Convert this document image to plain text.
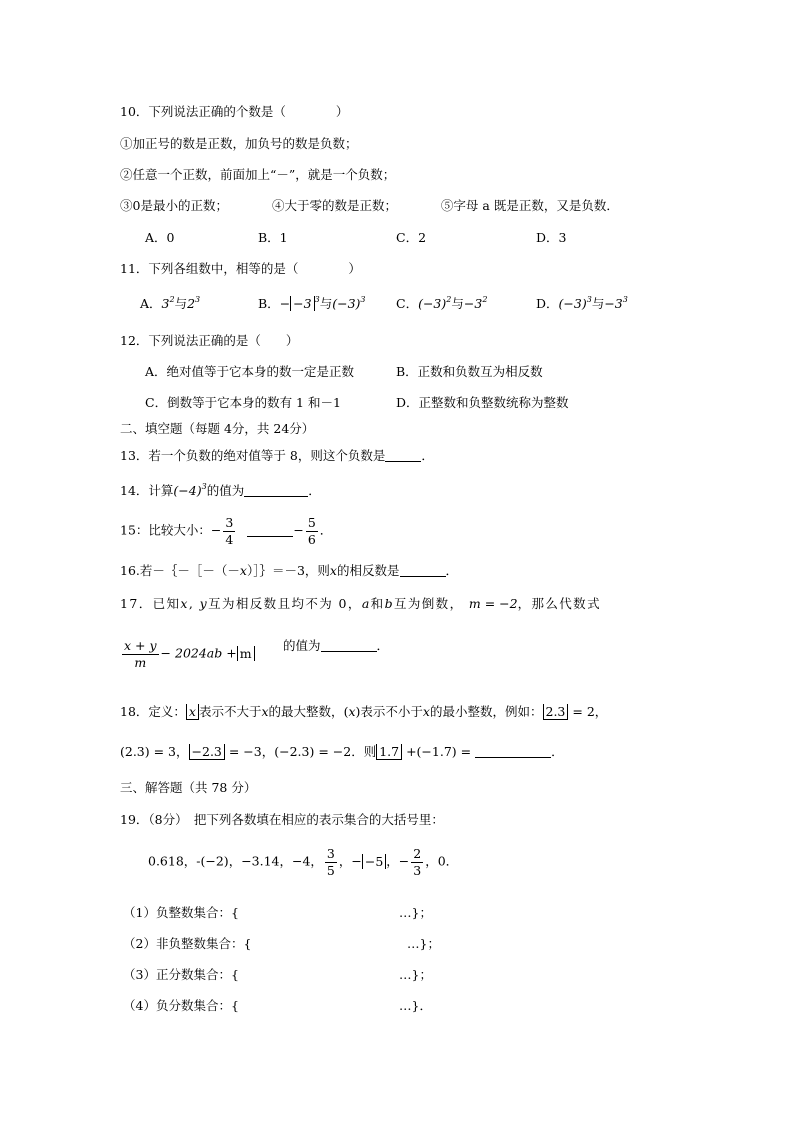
10．下列说法正确的个数是（　　　　）
①加正号的数是正数，加负号的数是负数；
②任意一个正数，前面加上“－”，就是一个负数；
③0是最小的正数；	④大于零的数是正数；	⑤字母 a 既是正数，又是负数．
A．0	B．1	C．2	D．3
11．下列各组数中，相等的是（　　　　）
A．$3^2$与$2^3$	B．− −3 $^3$与$(-3)^3$ C．$(-3)^2$与$-3^2$	D．$(-3)^3$与$-3^3$
12．下列说法正确的是（　　）
A．绝对值等于它本身的数一定是正数	B．正数和负数互为相反数
C．倒数等于它本身的数有 1 和－1	D．正整数和负整数统称为整数
二、填空题（每题 4分，共 24分）
13．若一个负数的绝对值等于 8，则这个负数是	．
14．计算$(-4)^3$的值为	．
15：比较大小：− $\frac{3}{4}$	− $\frac{5}{6}$ ．
16.若－｛－［－（－x）］｝＝－3，则x的相反数是	．
17．已知x, y互为相反数且均不为 0，a和b互为倒数， m = −2，那么代数式
$\frac{x + y}{m} - 2024ab + m$
的值为	．
18．定义： x 表示不大于x的最大整数，(x)表示不小于x的最小整数，例如： 2.3 = 2，
(2.3) = 3， −2.3 = −3，(−2.3) = −2．则 1.7 +(−1.7) =	．
三、解答题（共 78 分）
19．（8分）　把下列各数填在相应的表示集合的大括号里：
0.618，-(−2)，−3.14，−4， $\frac{3}{5}$ ，− −5 ，− $\frac{2}{3}$ ，0．
（1）负整数集合：{	…}；
（2）非负整数集合：{	…}；
（3）正分数集合：{	…}；
（4）负分数集合：{	…}．
